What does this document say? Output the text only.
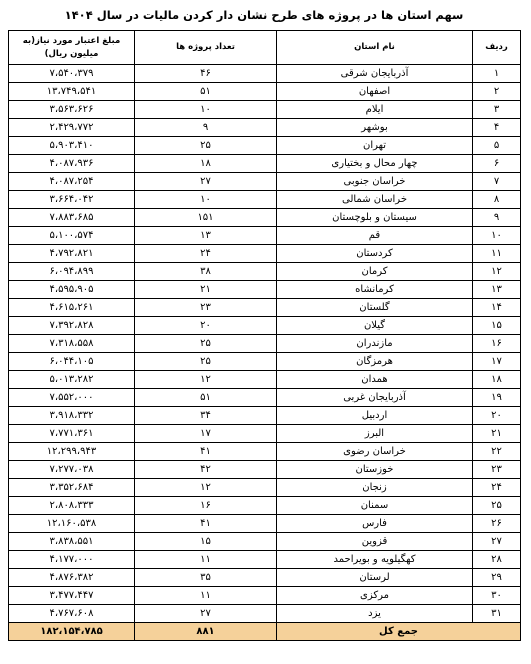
سهم استان ها در پروژه های طرح نشان دار کردن مالیات در سال ۱۴۰۴
ردیف	نام استان	تعداد پروژه ها	مبلغ اعتبار مورد نیاز(به میلیون ریال)
۱	آذربایجان شرقی	۴۶	۷،۵۴۰،۳۷۹
۲	اصفهان	۵۱	۱۳،۷۴۹،۵۴۱
۳	ایلام	۱۰	۳،۵۶۳،۶۲۶
۴	بوشهر	۹	۲،۴۲۹،۷۷۲
۵	تهران	۲۵	۵،۹۰۳،۴۱۰
۶	چهار محال و بختیاری	۱۸	۴،۰۸۷،۹۳۶
۷	خراسان جنوبی	۲۷	۴،۰۸۷،۲۵۴
۸	خراسان شمالی	۱۰	۳،۶۶۴،۰۴۲
۹	سیستان و بلوچستان	۱۵۱	۷،۸۸۳،۶۸۵
۱۰	قم	۱۳	۵،۱۰۰،۵۷۴
۱۱	کردستان	۲۴	۴،۷۹۲،۸۲۱
۱۲	کرمان	۳۸	۶،۰۹۴،۸۹۹
۱۳	کرمانشاه	۲۱	۴،۵۹۵،۹۰۵
۱۴	گلستان	۲۳	۴،۶۱۵،۲۶۱
۱۵	گیلان	۲۰	۷،۳۹۲،۸۲۸
۱۶	مازندران	۲۵	۷،۳۱۸،۵۵۸
۱۷	هرمزگان	۲۵	۶،۰۴۴،۱۰۵
۱۸	همدان	۱۲	۵،۰۱۳،۲۸۲
۱۹	آذربایجان غربی	۵۱	۷،۵۵۲،۰۰۰
۲۰	اردبیل	۳۴	۳،۹۱۸،۳۳۲
۲۱	البرز	۱۷	۷،۷۷۱،۳۶۱
۲۲	خراسان رضوی	۴۱	۱۲،۲۹۹،۹۴۳
۲۳	خوزستان	۴۲	۷،۲۷۷،۰۳۸
۲۴	زنجان	۱۲	۳،۳۵۲،۶۸۴
۲۵	سمنان	۱۶	۲،۸۰۸،۳۳۳
۲۶	فارس	۴۱	۱۲،۱۶۰،۵۳۸
۲۷	قزوین	۱۵	۳،۸۳۸،۵۵۱
۲۸	کهگیلویه و بویراحمد	۱۱	۴،۱۷۷،۰۰۰
۲۹	لرستان	۳۵	۴،۸۷۶،۳۸۲
۳۰	مرکزی	۱۱	۳،۴۷۷،۴۴۷
۳۱	یزد	۲۷	۴،۷۶۷،۶۰۸
جمع کل		۸۸۱	۱۸۲،۱۵۴،۷۸۵
